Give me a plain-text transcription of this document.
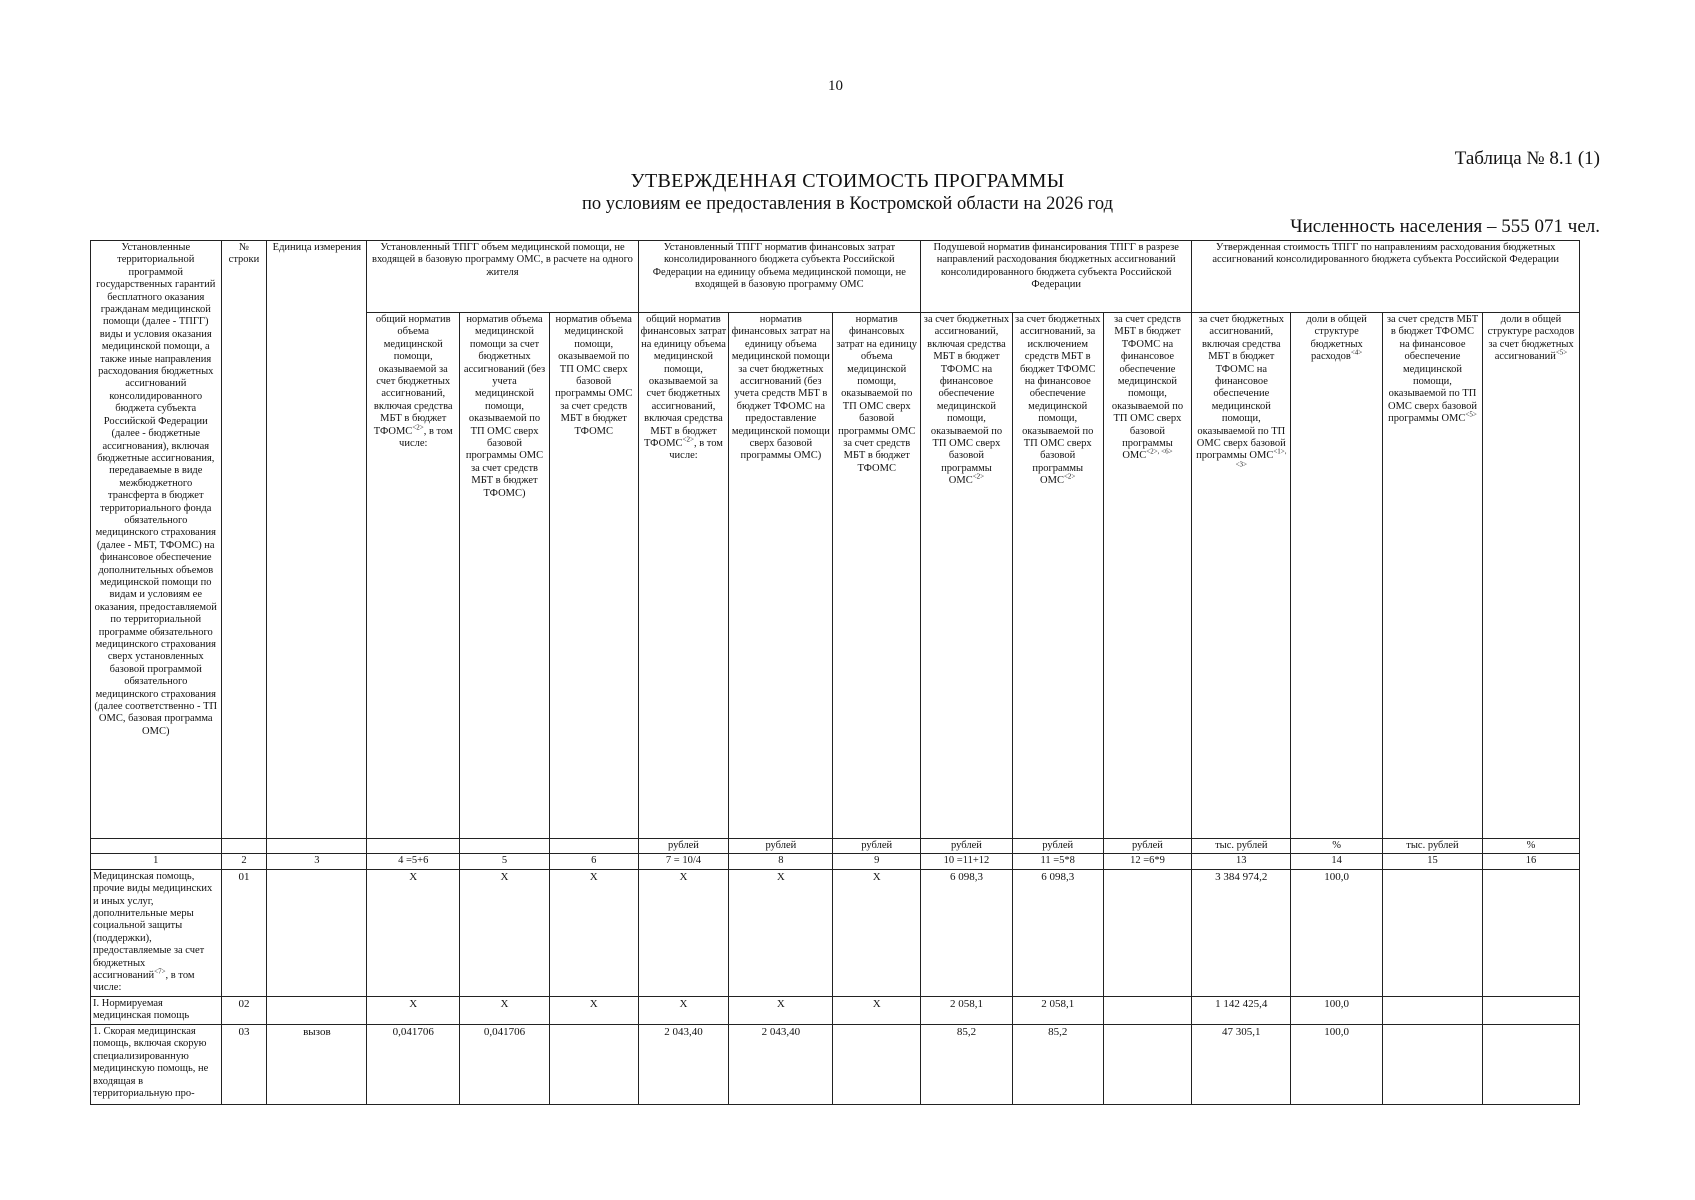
10
Таблица № 8.1 (1)
УТВЕРЖДЕННАЯ СТОИМОСТЬ ПРОГРАММЫ
по условиям ее предоставления в Костромской области на 2026 год
Численность населения – 555 071 чел.
Установленные территориальной программой государственных гарантий бесплатного оказания гражданам медицинской помощи (далее - ТПГГ) виды и условия оказания медицинской помощи, а также иные направления расходования бюджетных ассигнований консолидированного бюджета субъекта Российской Федерации (далее - бюджетные ассигнования), включая бюджетные ассигнования, передаваемые в виде межбюджетного трансферта в бюджет территориального фонда обязательного медицинского страхования (далее - МБТ, ТФОМС) на финансовое обеспечение дополнительных объемов медицинской помощи по видам и условиям ее оказания, предоставляемой по территориальной программе обязательного медицинского страхования сверх установленных базовой программой обязательного медицинского страхования (далее соответственно - ТП ОМС, базовая программа ОМС)	№ строки	Единица измерения	Установленный ТПГГ объем медицинской помощи, не входящей в базовую программу ОМС, в расчете на одного жителя			Установленный ТПГГ норматив финансовых затрат консолидированного бюджета субъекта Российской Федерации на единицу объема медицинской помощи, не входящей в базовую программу ОМС			Подушевой норматив финансирования ТПГГ в разрезе направлений расходования бюджетных ассигнований консолидированного бюджета субъекта Российской Федерации			Утвержденная стоимость ТПГГ по направлениям расходования бюджетных ассигнований консолидированного бюджета субъекта Российской Федерации			
			общий норматив объема медицинской помощи, оказываемой за счет бюджетных ассигнований, включая средства МБТ в бюджет $ТФОМС^{<2>}$, в том числе:	норматив объема медицинской помощи за счет бюджетных ассигнований (без учета медицинской помощи, оказываемой по ТП ОМС сверх базовой программы ОМС за счет средств МБТ в бюджет ТФОМС)	норматив объема медицинской помощи, оказываемой по ТП ОМС сверх базовой программы ОМС за счет средств МБТ в бюджет ТФОМС	общий норматив финансовых затрат на единицу объема медицинской помощи, оказываемой за счет бюджетных ассигнований, включая средства МБТ в бюджет $ТФОМС^{<2>}$, в том числе:	норматив финансовых затрат на единицу объема медицинской помощи за счет бюджетных ассигнований (без учета средств МБТ в бюджет ТФОМС на предоставление медицинской помощи сверх базовой программы ОМС)	норматив финансовых затрат на единицу объема медицинской помощи, оказываемой по ТП ОМС сверх базовой программы ОМС за счет средств МБТ в бюджет ТФОМС	за счет бюджетных ассигнований, включая средства МБТ в бюджет ТФОМС на финансовое обеспечение медицинской помощи, оказываемой по ТП ОМС сверх базовой программы $ОМС^{<2>}$	за счет бюджетных ассигнований, за исключением средств МБТ в бюджет ТФОМС на финансовое обеспечение медицинской помощи, оказываемой по ТП ОМС сверх базовой программы $ОМС^{<2>}$	за счет средств МБТ в бюджет ТФОМС на финансовое обеспечение медицинской помощи, оказываемой по ТП ОМС сверх базовой программы $ОМС^{<2>, <6>}$	за счет бюджетных ассигнований, включая средства МБТ в бюджет ТФОМС на финансовое обеспечение медицинской помощи, оказываемой по ТП ОМС сверх базовой программы $ОМС^{<1>, <3>}$	доли в общей структуре бюджетных расходов$^{<4>}$	за счет средств МБТ в бюджет ТФОМС на финансовое обеспечение медицинской помощи, оказываемой по ТП ОМС сверх базовой программы $ОМС^{<5>}$	доли в общей структуре расходов за счет бюджетных ассигнований$^{<5>}$
						рублей	рублей	рублей	рублей	рублей	рублей	тыс. рублей	%	тыс. рублей	%
1	2	3	4 =5+6	5	6	7 = 10/4	8	9	10 =11+12	11 =5*8	12 =6*9	13	14	15	16
Медицинская помощь, прочие виды медицинских и иных услуг, дополнительные меры социальной защиты (поддержки), предоставляемые за счет бюджетных ассигнований$^{<7>}$, в том числе:	01		Х	Х	Х	Х	Х	Х	6 098,3	6 098,3		3 384 974,2	100,0		
I. Нормируемая медицинская помощь	02		Х	Х	Х	Х	Х	Х	2 058,1	2 058,1		1 142 425,4	100,0		
1. Скорая медицинская помощь, включая скорую специализированную медицинскую помощь, не входящая в территориальную про-	03	вызов	0,041706	0,041706		2 043,40	2 043,40		85,2	85,2		47 305,1	100,0		
